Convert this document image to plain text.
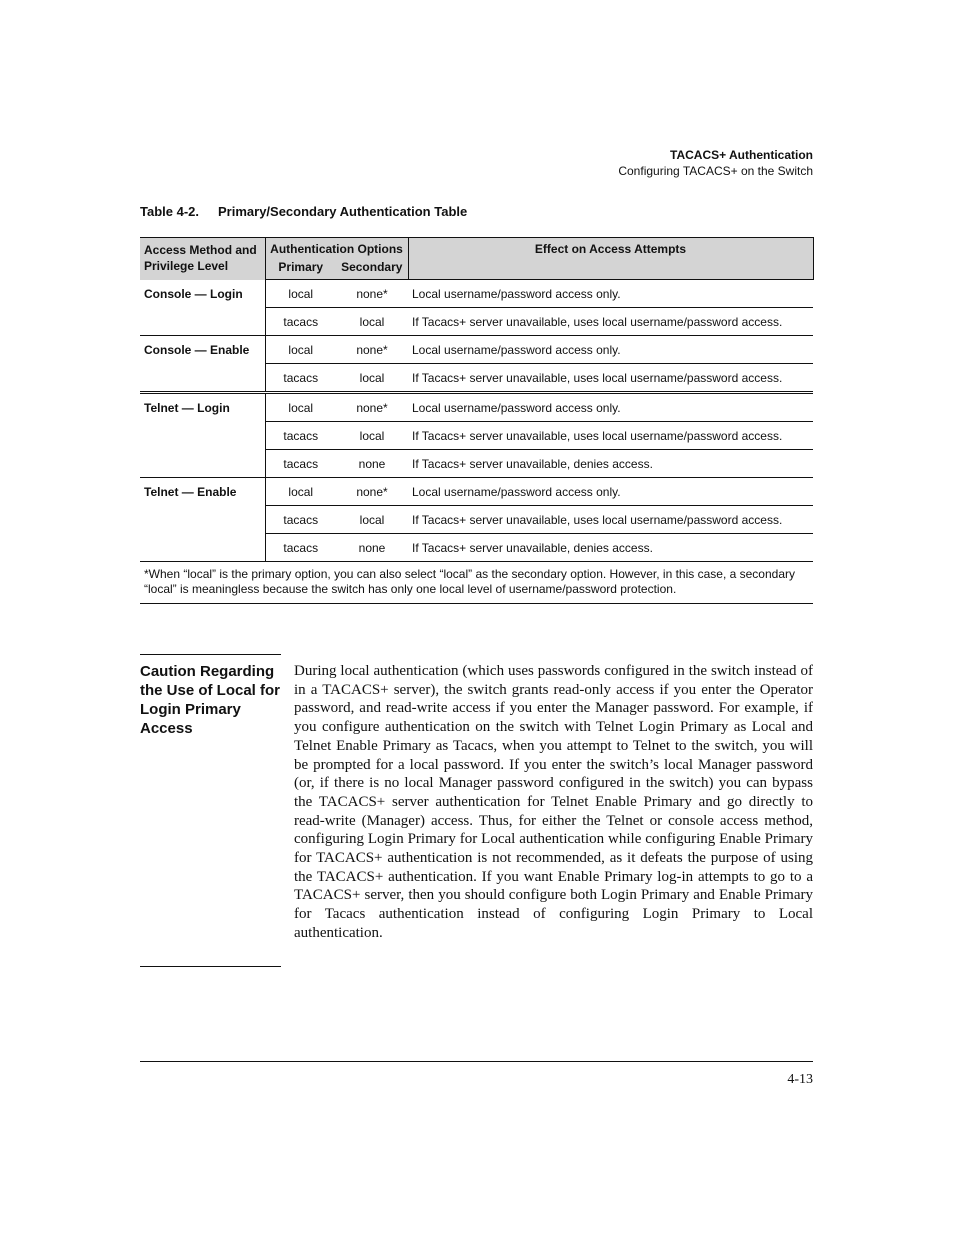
TACACS+ Authentication
Configuring TACACS+ on the Switch
Table 4-2. Primary/Secondary Authentication Table
Access Method and Privilege Level	Authentication Options		Effect on Access Attempts
	Primary	Secondary	
Console — Login	local	none*	Local username/password access only.
	tacacs	local	If Tacacs+ server unavailable, uses local username/password access.
Console — Enable	local	none*	Local username/password access only.
	tacacs	local	If Tacacs+ server unavailable, uses local username/password access.
Telnet — Login	local	none*	Local username/password access only.
	tacacs	local	If Tacacs+ server unavailable, uses local username/password access.
	tacacs	none	If Tacacs+ server unavailable, denies access.
Telnet — Enable	local	none*	Local username/password access only.
	tacacs	local	If Tacacs+ server unavailable, uses local username/password access.
	tacacs	none	If Tacacs+ server unavailable, denies access.
*When “local” is the primary option, you can also select “local” as the secondary option. However, in this case, a secondary “local” is meaningless because the switch has only one local level of username/password protection.			
Caution Regarding the Use of Local for Login Primary Access
During local authentication (which uses passwords configured in the switch instead of in a TACACS+ server), the switch grants read-only access if you enter the Operator password, and read-write access if you enter the Manager password. For example, if you configure authentication on the switch with Telnet Login Primary as Local and Telnet Enable Primary as Tacacs, when you attempt to Telnet to the switch, you will be prompted for a local password. If you enter the switch’s local Manager password (or, if there is no local Manager password configured in the switch) you can bypass the TACACS+ server authentication for Telnet Enable Primary and go directly to read-write (Manager) access. Thus, for either the Telnet or console access method, configuring Login Primary for Local authentication while configuring Enable Primary for TACACS+ authentication is not recommended, as it defeats the purpose of using the TACACS+ authentication. If you want Enable Primary log-in attempts to go to a TACACS+ server, then you should configure both Login Primary and Enable Primary for Tacacs authentication instead of configuring Login Primary to Local authentication.
4-13
